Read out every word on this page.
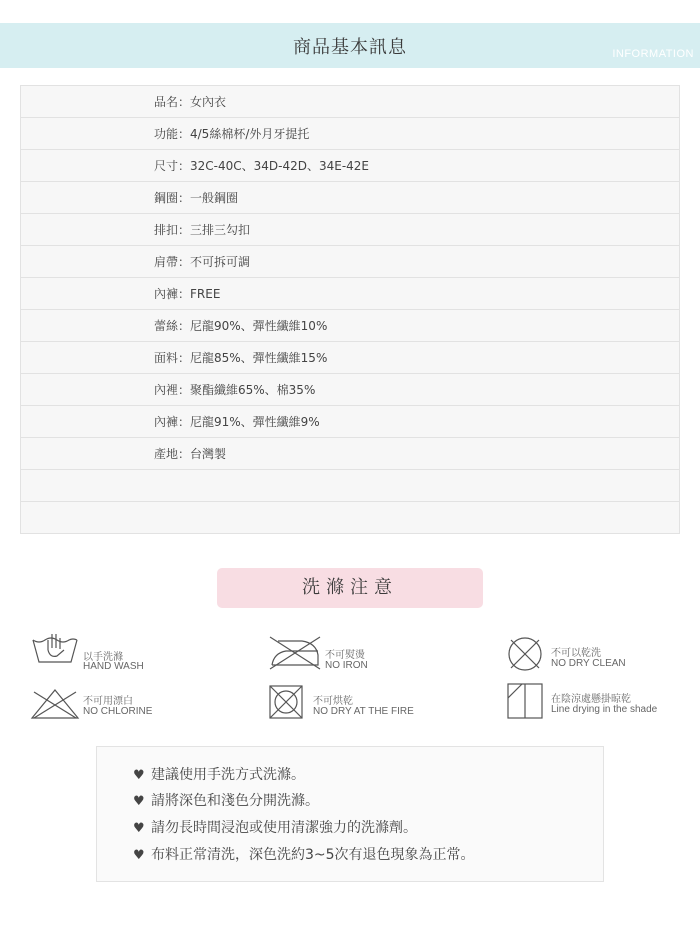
商品基本訊息	INFORMATION
品名：女內衣
功能：4/5絲棉杯/外月牙提托
尺寸：32C-40C、34D-42D、34E-42E
鋼圈：一般鋼圈
排扣：三排三勾扣
肩帶：不可拆可調
內褲：FREE
蕾絲：尼龍90%、彈性纖維10%
面料：尼龍85%、彈性纖維15%
內裡：聚酯纖維65%、棉35%
內褲：尼龍91%、彈性纖維9%
產地：台灣製
洗滌注意
以手洗滌
HAND WASH
不可熨燙
NO IRON
不可以乾洗
NO DRY CLEAN
不可用漂白
NO CHLORINE
不可烘乾
NO DRY AT THE FIRE
在陰涼處懸掛晾乾
Line drying in the shade
♥ 建議使用手洗方式洗滌。
♥ 請將深色和淺色分開洗滌。
♥ 請勿長時間浸泡或使用清潔強力的洗滌劑。
♥ 布料正常清洗，深色洗約3~5次有退色現象為正常。
